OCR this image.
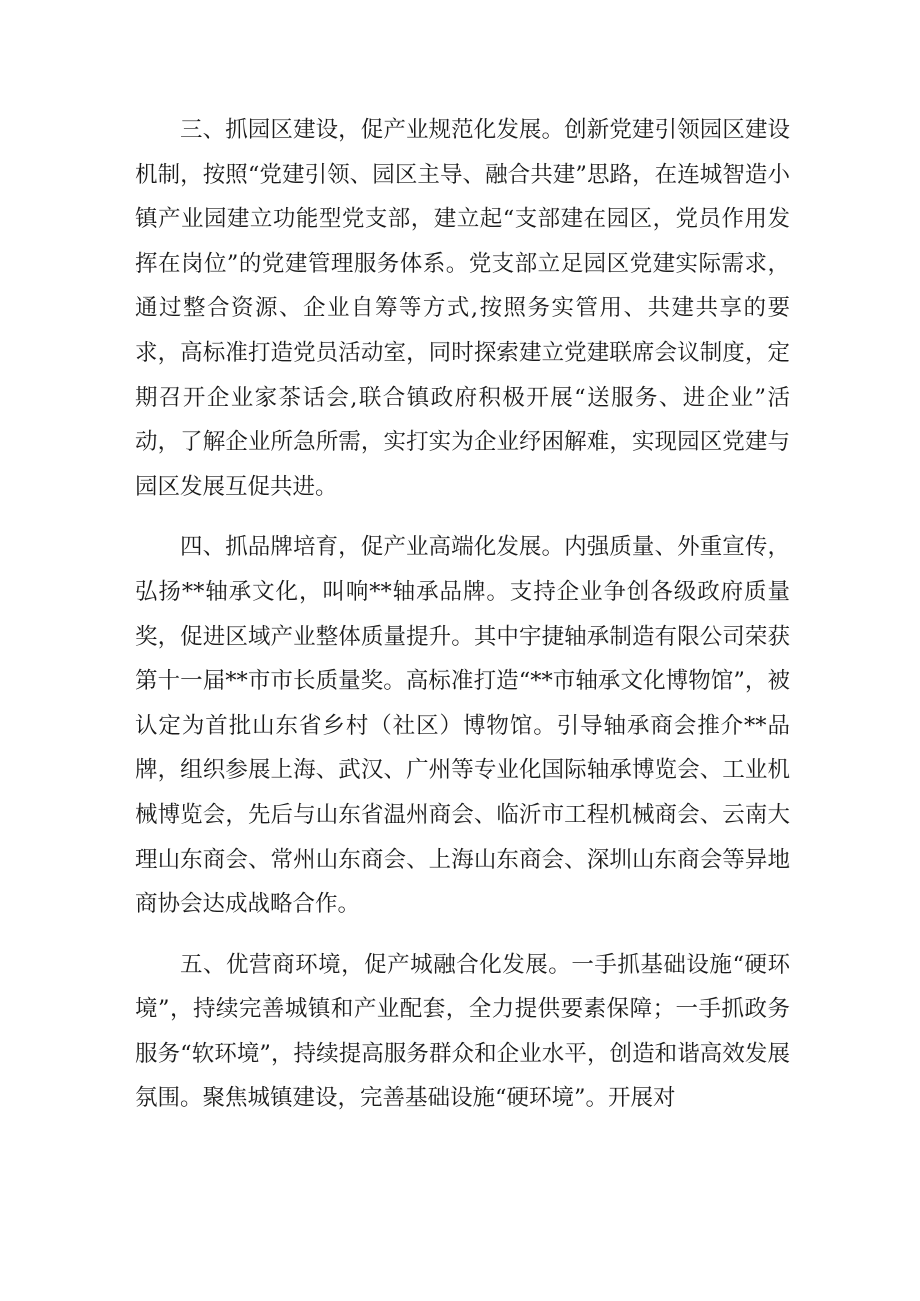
三、抓园区建设，促产业规范化发展。创新党建引领园区建设机制，按照“党建引领、园区主导、融合共建”思路，在连城智造小镇产业园建立功能型党支部，建立起“支部建在园区，党员作用发挥在岗位”的党建管理服务体系。党支部立足园区党建实际需求，通过整合资源、企业自筹等方式,按照务实管用、共建共享的要求，高标准打造党员活动室，同时探索建立党建联席会议制度，定期召开企业家茶话会,联合镇政府积极开展“送服务、进企业”活动，了解企业所急所需，实打实为企业纾困解难，实现园区党建与园区发展互促共进。

四、抓品牌培育，促产业高端化发展。内强质量、外重宣传，弘扬**轴承文化，叫响**轴承品牌。支持企业争创各级政府质量奖，促进区域产业整体质量提升。其中宇捷轴承制造有限公司荣获第十一届**市市长质量奖。高标准打造“**市轴承文化博物馆”，被认定为首批山东省乡村（社区）博物馆。引导轴承商会推介**品牌，组织参展上海、武汉、广州等专业化国际轴承博览会、工业机械博览会，先后与山东省温州商会、临沂市工程机械商会、云南大理山东商会、常州山东商会、上海山东商会、深圳山东商会等异地商协会达成战略合作。

五、优营商环境，促产城融合化发展。一手抓基础设施“硬环境”，持续完善城镇和产业配套，全力提供要素保障；一手抓政务服务“软环境”，持续提高服务群众和企业水平，创造和谐高效发展氛围。聚焦城镇建设，完善基础设施“硬环境”。开展对
